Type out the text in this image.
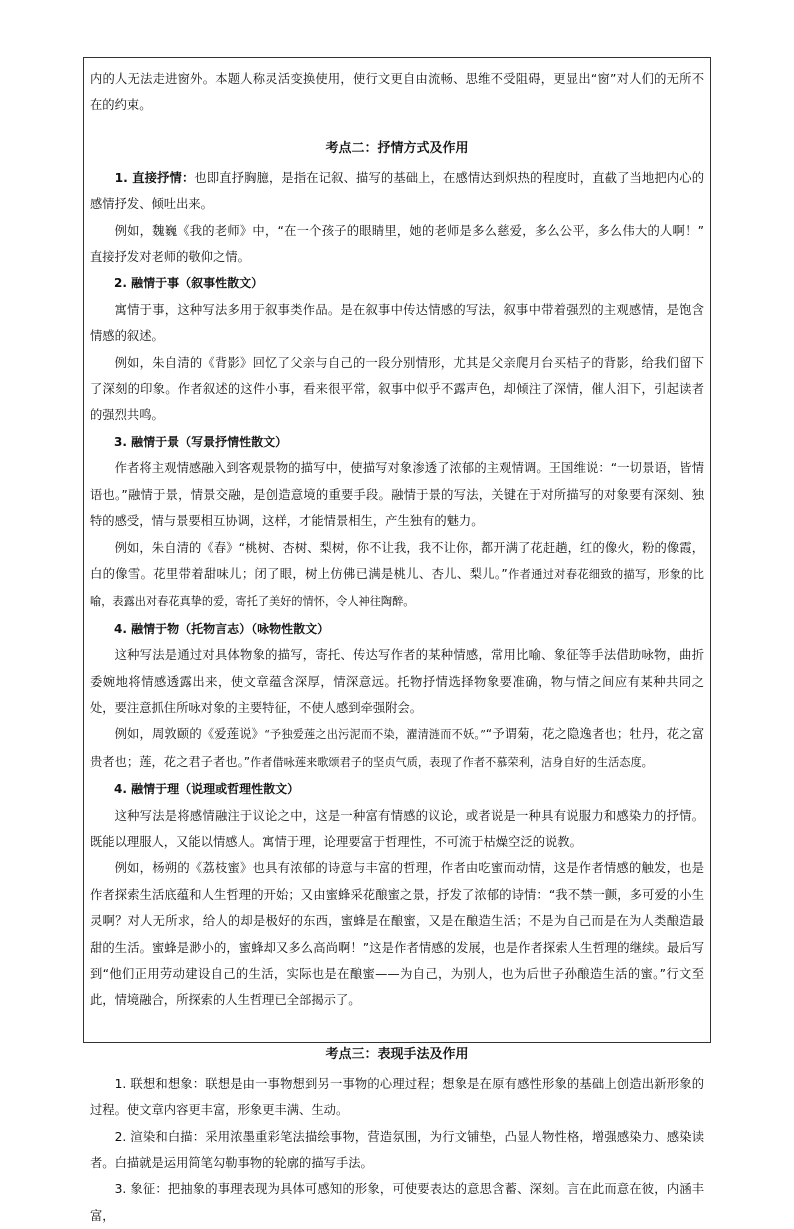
内的人无法走进窗外。本题人称灵活变换使用，使行文更自由流畅、思维不受阻碍，更显出“窗”对人们的无所不在的约束。

考点二：抒情方式及作用

1. 直接抒情：也即直抒胸臆，是指在记叙、描写的基础上，在感情达到炽热的程度时，直截了当地把内心的感情抒发、倾吐出来。

例如，魏巍《我的老师》中，“在一个孩子的眼睛里，她的老师是多么慈爱，多么公平，多么伟大的人啊！” 直接抒发对老师的敬仰之情。

2. 融情于事（叙事性散文）

寓情于事，这种写法多用于叙事类作品。是在叙事中传达情感的写法，叙事中带着强烈的主观感情，是饱含情感的叙述。

例如，朱自清的《背影》回忆了父亲与自己的一段分别情形，尤其是父亲爬月台买桔子的背影，给我们留下了深刻的印象。作者叙述的这件小事，看来很平常，叙事中似乎不露声色，却倾注了深情，催人泪下，引起读者的强烈共鸣。

3. 融情于景（写景抒情性散文）

作者将主观情感融入到客观景物的描写中，使描写对象渗透了浓郁的主观情调。王国维说：“一切景语，皆情语也。”融情于景，情景交融，是创造意境的重要手段。融情于景的写法，关键在于对所描写的对象要有深刻、独特的感受，情与景要相互协调，这样，才能情景相生，产生独有的魅力。

例如，朱自清的《春》“桃树、杏树、梨树，你不让我，我不让你，都开满了花赶趟，红的像火，粉的像霞，白的像雪。花里带着甜味儿；闭了眼，树上仿佛已满是桃儿、杏儿、梨儿。”作者通过对春花细致的描写，形象的比喻，表露出对春花真挚的爱，寄托了美好的情怀，令人神往陶醉。

4. 融情于物（托物言志）（咏物性散文）

这种写法是通过对具体物象的描写，寄托、传达写作者的某种情感，常用比喻、象征等手法借助咏物，曲折委婉地将情感透露出来，使文章蕴含深厚，情深意远。托物抒情选择物象要准确，物与情之间应有某种共同之处，要注意抓住所咏对象的主要特征，不使人感到牵强附会。

例如，周敦颐的《爱莲说》“予独爱莲之出污泥而不染，濯清涟而不妖。”“予谓菊，花之隐逸者也；牡丹，花之富贵者也；莲，花之君子者也。”作者借咏莲来歌颂君子的坚贞气质，表现了作者不慕荣利，洁身自好的生活态度。

4. 融情于理（说理或哲理性散文）

这种写法是将感情融注于议论之中，这是一种富有情感的议论，或者说是一种具有说服力和感染力的抒情。既能以理服人，又能以情感人。寓情于理，论理要富于哲理性，不可流于枯燥空泛的说教。

例如，杨朔的《荔枝蜜》也具有浓郁的诗意与丰富的哲理，作者由吃蜜而动情，这是作者情感的触发，也是作者探索生活底蕴和人生哲理的开始；又由蜜蜂采花酿蜜之景，抒发了浓郁的诗情：“我不禁一颤，多可爱的小生灵啊？对人无所求，给人的却是极好的东西，蜜蜂是在酿蜜，又是在酿造生活；不是为自己而是在为人类酿造最甜的生活。蜜蜂是渺小的，蜜蜂却又多么高尚啊！”这是作者情感的发展，也是作者探索人生哲理的继续。最后写到“他们正用劳动建设自己的生活，实际也是在酿蜜——为自己，为别人，也为后世子孙酿造生活的蜜。”行文至此，情境融合，所探索的人生哲理已全部揭示了。

考点三：表现手法及作用

1. 联想和想象：联想是由一事物想到另一事物的心理过程；想象是在原有感性形象的基础上创造出新形象的过程。使文章内容更丰富，形象更丰满、生动。

2. 渲染和白描：采用浓墨重彩笔法描绘事物，营造氛围，为行文铺垫，凸显人物性格，增强感染力、感染读者。白描就是运用简笔勾勒事物的轮廓的描写手法。

3. 象征：把抽象的事理表现为具体可感知的形象，可使要表达的意思含蓄、深刻。言在此而意在彼，内涵丰富，
